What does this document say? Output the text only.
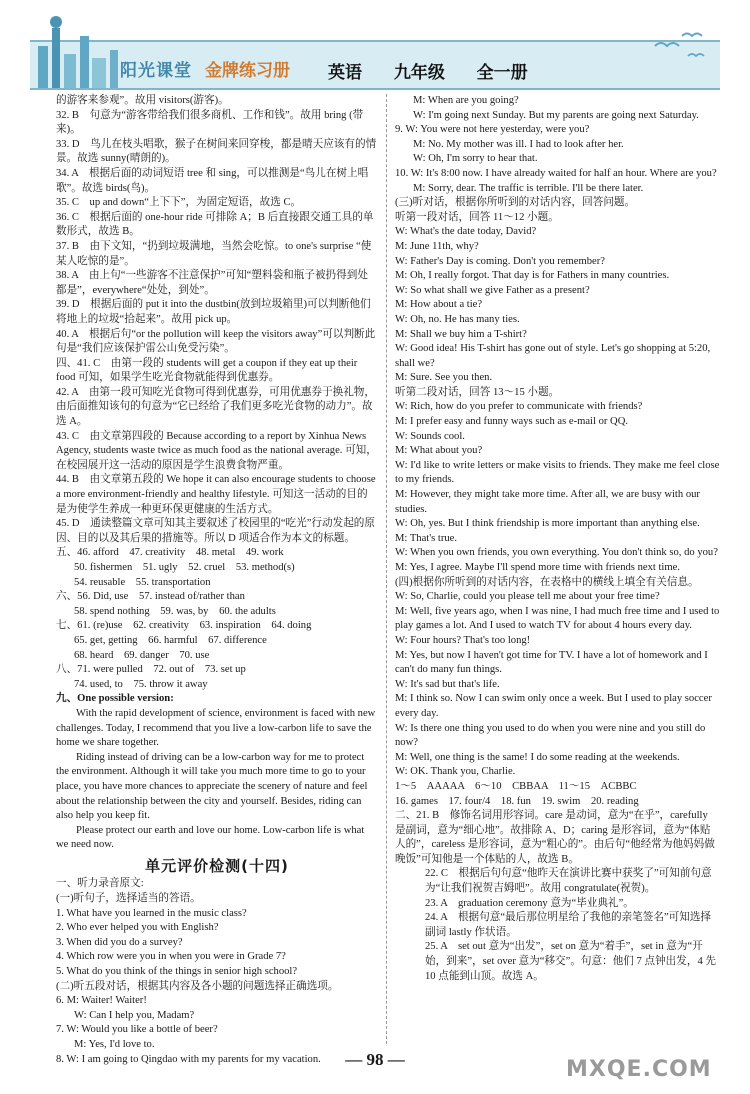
阳光课堂 金牌练习册 英语  九年级  全一册
的游客来参观”。故用 visitors(游客)。
32. B　句意为“游客带给我们很多商机、工作和钱”。故用 bring (带来)。
33. D　鸟儿在枝头唱歌，猴子在树间来回穿梭，都是晴天应该有的情景。故选 sunny(晴朗的)。
34. A　根据后面的动词短语 tree 和 sing，可以推测是“鸟儿在树上唱歌”。故选 birds(鸟)。
35. C　up and down“上下下”，为固定短语，故选 C。
36. C　根据后面的 one-hour ride 可排除 A；B 后直接跟交通工具的单数形式，故选 B。
37. B　由下文知，“扔到垃圾满地，当然会吃惊。to one's surprise “使某人吃惊的是”。
38. A　由上句“一些游客不注意保护”可知“塑料袋和瓶子被扔得到处都是”，everywhere“处处，到处”。
39. D　根据后面的 put it into the dustbin(放到垃圾箱里)可以判断他们将地上的垃圾“拾起来”。故用 pick up。
40. A　根据后句“or the pollution will keep the visitors away”可以判断此句是“我们应该保护雷公山免受污染”。
四、41. C　由第一段的 students will get a coupon if they eat up their food 可知，如果学生吃光食物就能得到优惠券。
42. A　由第一段可知吃光食物可得到优惠券，可用优惠券于换礼物，由后面推知该句的句意为“它已经给了我们更多吃光食物的动力”。故选 A。
43. C　由文章第四段的 Because according to a report by Xinhua News Agency, students waste twice as much food as the national average. 可知，在校园展开这一活动的原因是学生浪费食物严重。
44. B　由文章第五段的 We hope it can also encourage students to choose a more environment-friendly and healthy lifestyle. 可知这一活动的目的是为使学生养成一种更环保更健康的生活方式。
45. D　通读整篇文章可知其主要叙述了校园里的“吃光”行动发起的原因、目的以及其后果的措施等。所以 D 项适合作为本文的标题。
五、46. afford　47. creativity　48. metal　49. work
50. fishermen　51. ugly　52. cruel　53. method(s)
54. reusable　55. transportation
六、56. Did, use　57. instead of/rather than
58. spend nothing　59. was, by　60. the adults
七、61. (re)use　62. creativity　63. inspiration　64. doing
65. get, getting　66. harmful　67. difference
68. heard　69. danger　70. use
八、71. were pulled　72. out of　73. set up
74. used, to　75. throw it away
九、One possible version:
With the rapid development of science, environment is faced with new challenges. Today, I recommend that you live a low-carbon life to save the home we share together.
Riding instead of driving can be a low-carbon way for me to protect the environment. Although it will take you much more time to go to your place, you have more chances to appreciate the scenery of nature and feel about the relationship between the city and yourself. Besides, riding can also help you keep fit.
Please protect our earth and love our home. Low-carbon life is what we need now.
单元评价检测(十四)
一、听力录音原文:
(一)听句子，选择适当的答语。
1. What have you learned in the music class?
2. Who ever helped you with English?
3. When did you do a survey?
4. Which row were you in when you were in Grade 7?
5. What do you think of the things in senior high school?
(二)听五段对话，根据其内容及各小题的问题选择正确选项。
6. M: Waiter! Waiter!
W: Can I help you, Madam?
7. W: Would you like a bottle of beer?
M: Yes, I'd love to.
8. W: I am going to Qingdao with my parents for my vacation.
M: When are you going?
W: I'm going next Sunday. But my parents are going next Saturday.
9. W: You were not here yesterday, were you?
M: No. My mother was ill. I had to look after her.
W: Oh, I'm sorry to hear that.
10. W: It's 8:00 now. I have already waited for half an hour. Where are you?
M: Sorry, dear. The traffic is terrible. I'll be there later.
(三)听对话，根据你所听到的对话内容，回答问题。
听第一段对话，回答 11～12 小题。
W: What's the date today, David?
M: June 11th, why?
W: Father's Day is coming. Don't you remember?
M: Oh, I really forgot. That day is for Fathers in many countries.
W: So what shall we give Father as a present?
M: How about a tie?
W: Oh, no. He has many ties.
M: Shall we buy him a T-shirt?
W: Good idea! His T-shirt has gone out of style. Let's go shopping at 5:20, shall we?
M: Sure. See you then.
听第二段对话，回答 13～15 小题。
W: Rich, how do you prefer to communicate with friends?
M: I prefer easy and funny ways such as e-mail or QQ.
W: Sounds cool.
M: What about you?
W: I'd like to write letters or make visits to friends. They make me feel close to my friends.
M: However, they might take more time. After all, we are busy with our studies.
W: Oh, yes. But I think friendship is more important than anything else.
M: That's true.
W: When you own friends, you own everything. You don't think so, do you?
M: Yes, I agree. Maybe I'll spend more time with friends next time.
(四)根据你所听到的对话内容，在表格中的横线上填全有关信息。
W: So, Charlie, could you please tell me about your free time?
M: Well, five years ago, when I was nine, I had much free time and I used to play games a lot. And I used to watch TV for about 4 hours every day.
W: Four hours? That's too long!
M: Yes, but now I haven't got time for TV. I have a lot of homework and I can't do many fun things.
W: It's sad but that's life.
M: I think so. Now I can swim only once a week. But I used to play soccer every day.
W: Is there one thing you used to do when you were nine and you still do now?
M: Well, one thing is the same! I do some reading at the weekends.
W: OK. Thank you, Charlie.
1～5　AAAAA　6～10　CBBAA　11～15　ACBBC
16. games　17. four/4　18. fun　19. swim　20. reading
二、21. B　修饰名词用形容词。care 是动词，意为“在乎”，carefully 是副词，意为“细心地”。故排除 A、D；caring 是形容词，意为“体贴人的”，careless 是形容词，意为“粗心的”。由后句“他经常为他妈妈做晚饭”可知他是一个体贴的人，故选 B。
22. C　根据后句句意“他昨天在演讲比赛中获奖了”可知前句意为“让我们祝贺吉姆吧”。故用 congratulate(祝贺)。
23. A　graduation ceremony 意为“毕业典礼”。
24. A　根据句意“最后那位明星给了我他的亲笔签名”可知选择副词 lastly 作状语。
25. A　set out 意为“出发”，set on 意为“着手”，set in 意为“开始，到来”，set over 意为“移交”。句意：他们 7 点钟出发，4 先 10 点能到山顶。故选 A。
— 98 —	MXQE.COM
